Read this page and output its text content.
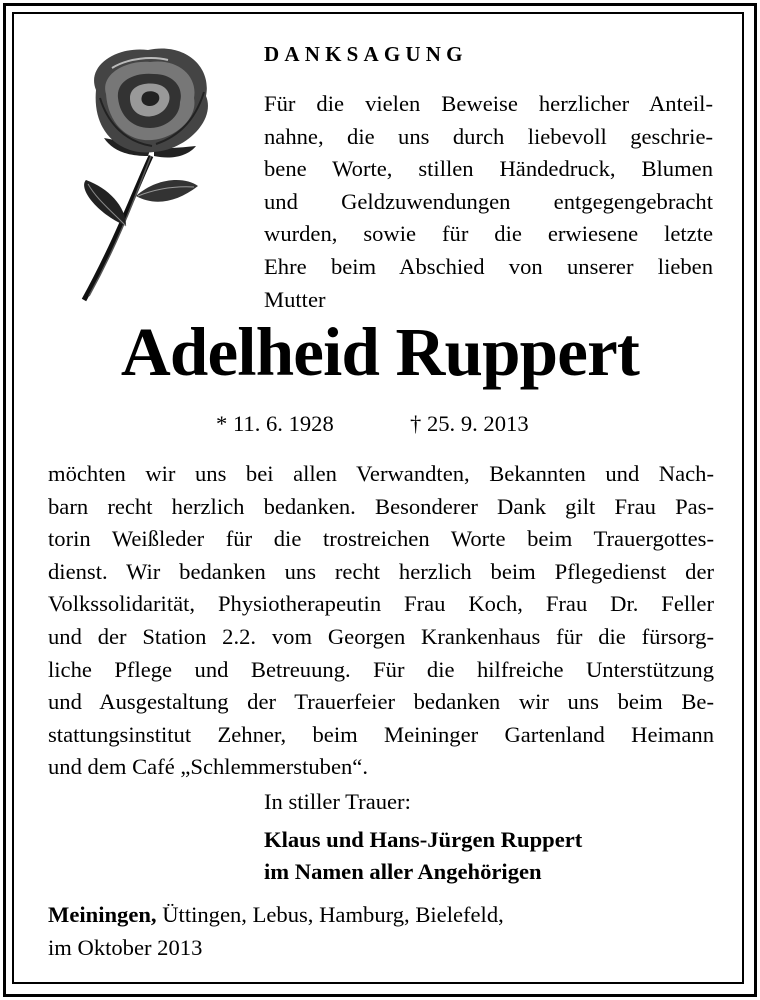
DANKSAGUNG
Für die vielen Beweise herzlicher Anteil-
nahne, die uns durch liebevoll geschrie-
bene Worte, stillen Händedruck, Blumen
und Geldzuwendungen entgegengebracht
wurden, sowie für die erwiesene letzte
Ehre beim Abschied von unserer lieben
Mutter
Adelheid Ruppert
* 11. 6. 1928	† 25. 9. 2013
möchten wir uns bei allen Verwandten, Bekannten und Nach-
barn recht herzlich bedanken. Besonderer Dank gilt Frau Pas-
torin Weißleder für die trostreichen Worte beim Trauergottes-
dienst. Wir bedanken uns recht herzlich beim Pflegedienst der
Volkssolidarität, Physiotherapeutin Frau Koch, Frau Dr. Feller
und der Station 2.2. vom Georgen Krankenhaus für die fürsorg-
liche Pflege und Betreuung. Für die hilfreiche Unterstützung
und Ausgestaltung der Trauerfeier bedanken wir uns beim Be-
stattungsinstitut Zehner, beim Meininger Gartenland Heimann
und dem Café „Schlemmerstuben“.
In stiller Trauer:
Klaus und Hans-Jürgen Ruppert
im Namen aller Angehörigen
Meiningen, Üttingen, Lebus, Hamburg, Bielefeld,
im Oktober 2013
